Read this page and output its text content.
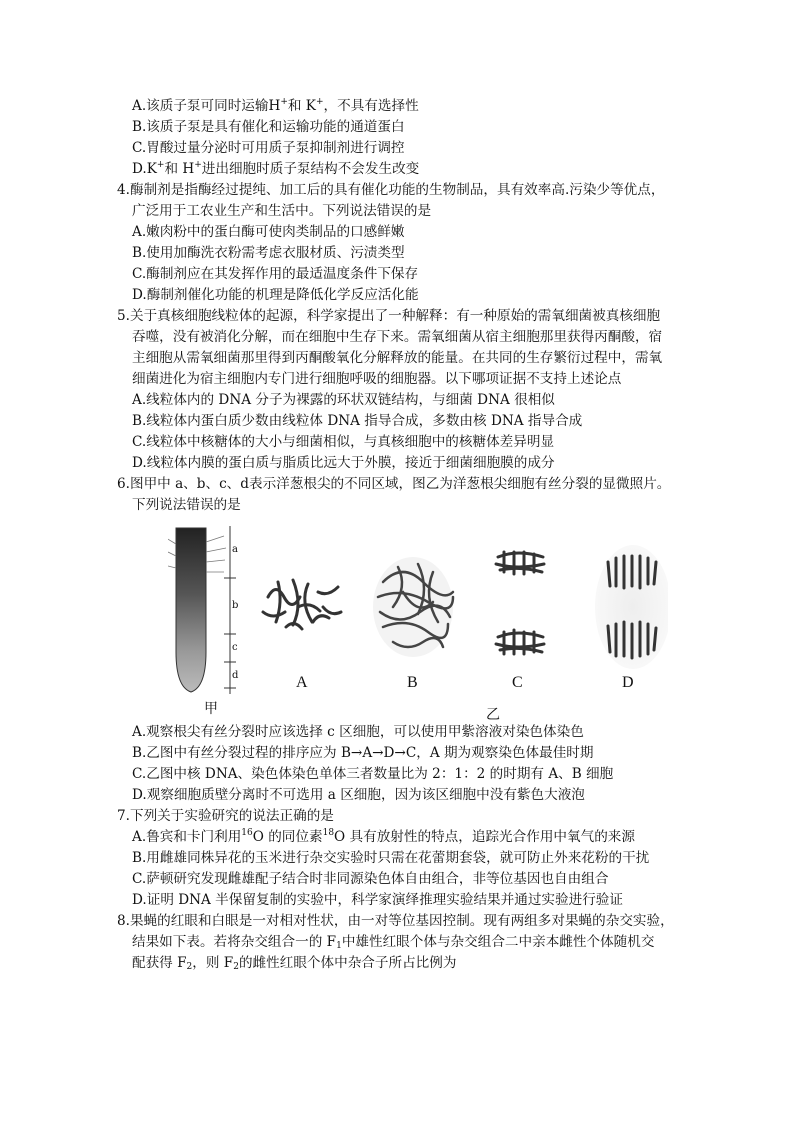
A.该质子泵可同时运输H+和 K+，不具有选择性
B.该质子泵是具有催化和运输功能的通道蛋白
C.胃酸过量分泌时可用质子泵抑制剂进行调控
D.K+和 H+进出细胞时质子泵结构不会发生改变
4.酶制剂是指酶经过提纯、加工后的具有催化功能的生物制品，具有效率高.污染少等优点，
广泛用于工农业生产和生活中。下列说法错误的是
A.嫩肉粉中的蛋白酶可使肉类制品的口感鲜嫩
B.使用加酶洗衣粉需考虑衣服材质、污渍类型
C.酶制剂应在其发挥作用的最适温度条件下保存
D.酶制剂催化功能的机理是降低化学反应活化能
5.关于真核细胞线粒体的起源，科学家提出了一种解释：有一种原始的需氧细菌被真核细胞
吞噬，没有被消化分解，而在细胞中生存下来。需氧细菌从宿主细胞那里获得丙酮酸，宿
主细胞从需氧细菌那里得到丙酮酸氧化分解释放的能量。在共同的生存繁衍过程中，需氧
细菌进化为宿主细胞内专门进行细胞呼吸的细胞器。以下哪项证据不支持上述论点
A.线粒体内的 DNA 分子为裸露的环状双链结构，与细菌 DNA 很相似
B.线粒体内蛋白质少数由线粒体 DNA 指导合成，多数由核 DNA 指导合成
C.线粒体中核糖体的大小与细菌相似，与真核细胞中的核糖体差异明显
D.线粒体内膜的蛋白质与脂质比远大于外膜，接近于细菌细胞膜的成分
6.图甲中 a、b、c、d表示洋葱根尖的不同区域，图乙为洋葱根尖细胞有丝分裂的显微照片。
下列说法错误的是
a
b
c
d	A	B	C	D
甲	乙
A.观察根尖有丝分裂时应该选择 c 区细胞，可以使用甲紫溶液对染色体染色
B.乙图中有丝分裂过程的排序应为 B→A→D→C，A 期为观察染色体最佳时期
C.乙图中核 DNA、染色体染色单体三者数量比为 2：1：2 的时期有 A、B 细胞
D.观察细胞质壁分离时不可选用 a 区细胞，因为该区细胞中没有紫色大液泡
7.下列关于实验研究的说法正确的是
A.鲁宾和卡门利用$^{16}$O 的同位素$^{18}$O 具有放射性的特点，追踪光合作用中氧气的来源
B.用雌雄同株异花的玉米进行杂交实验时只需在花蕾期套袋，就可防止外来花粉的干扰
C.萨顿研究发现雌雄配子结合时非同源染色体自由组合，非等位基因也自由组合
D.证明 DNA 半保留复制的实验中，科学家演绎推理实验结果并通过实验进行验证
8.果蝇的红眼和白眼是一对相对性状，由一对等位基因控制。现有两组多对果蝇的杂交实验，
结果如下表。若将杂交组合一的 $F_1$中雄性红眼个体与杂交组合二中亲本雌性个体随机交
配获得 $F_2$，则 $F_2$的雌性红眼个体中杂合子所占比例为
